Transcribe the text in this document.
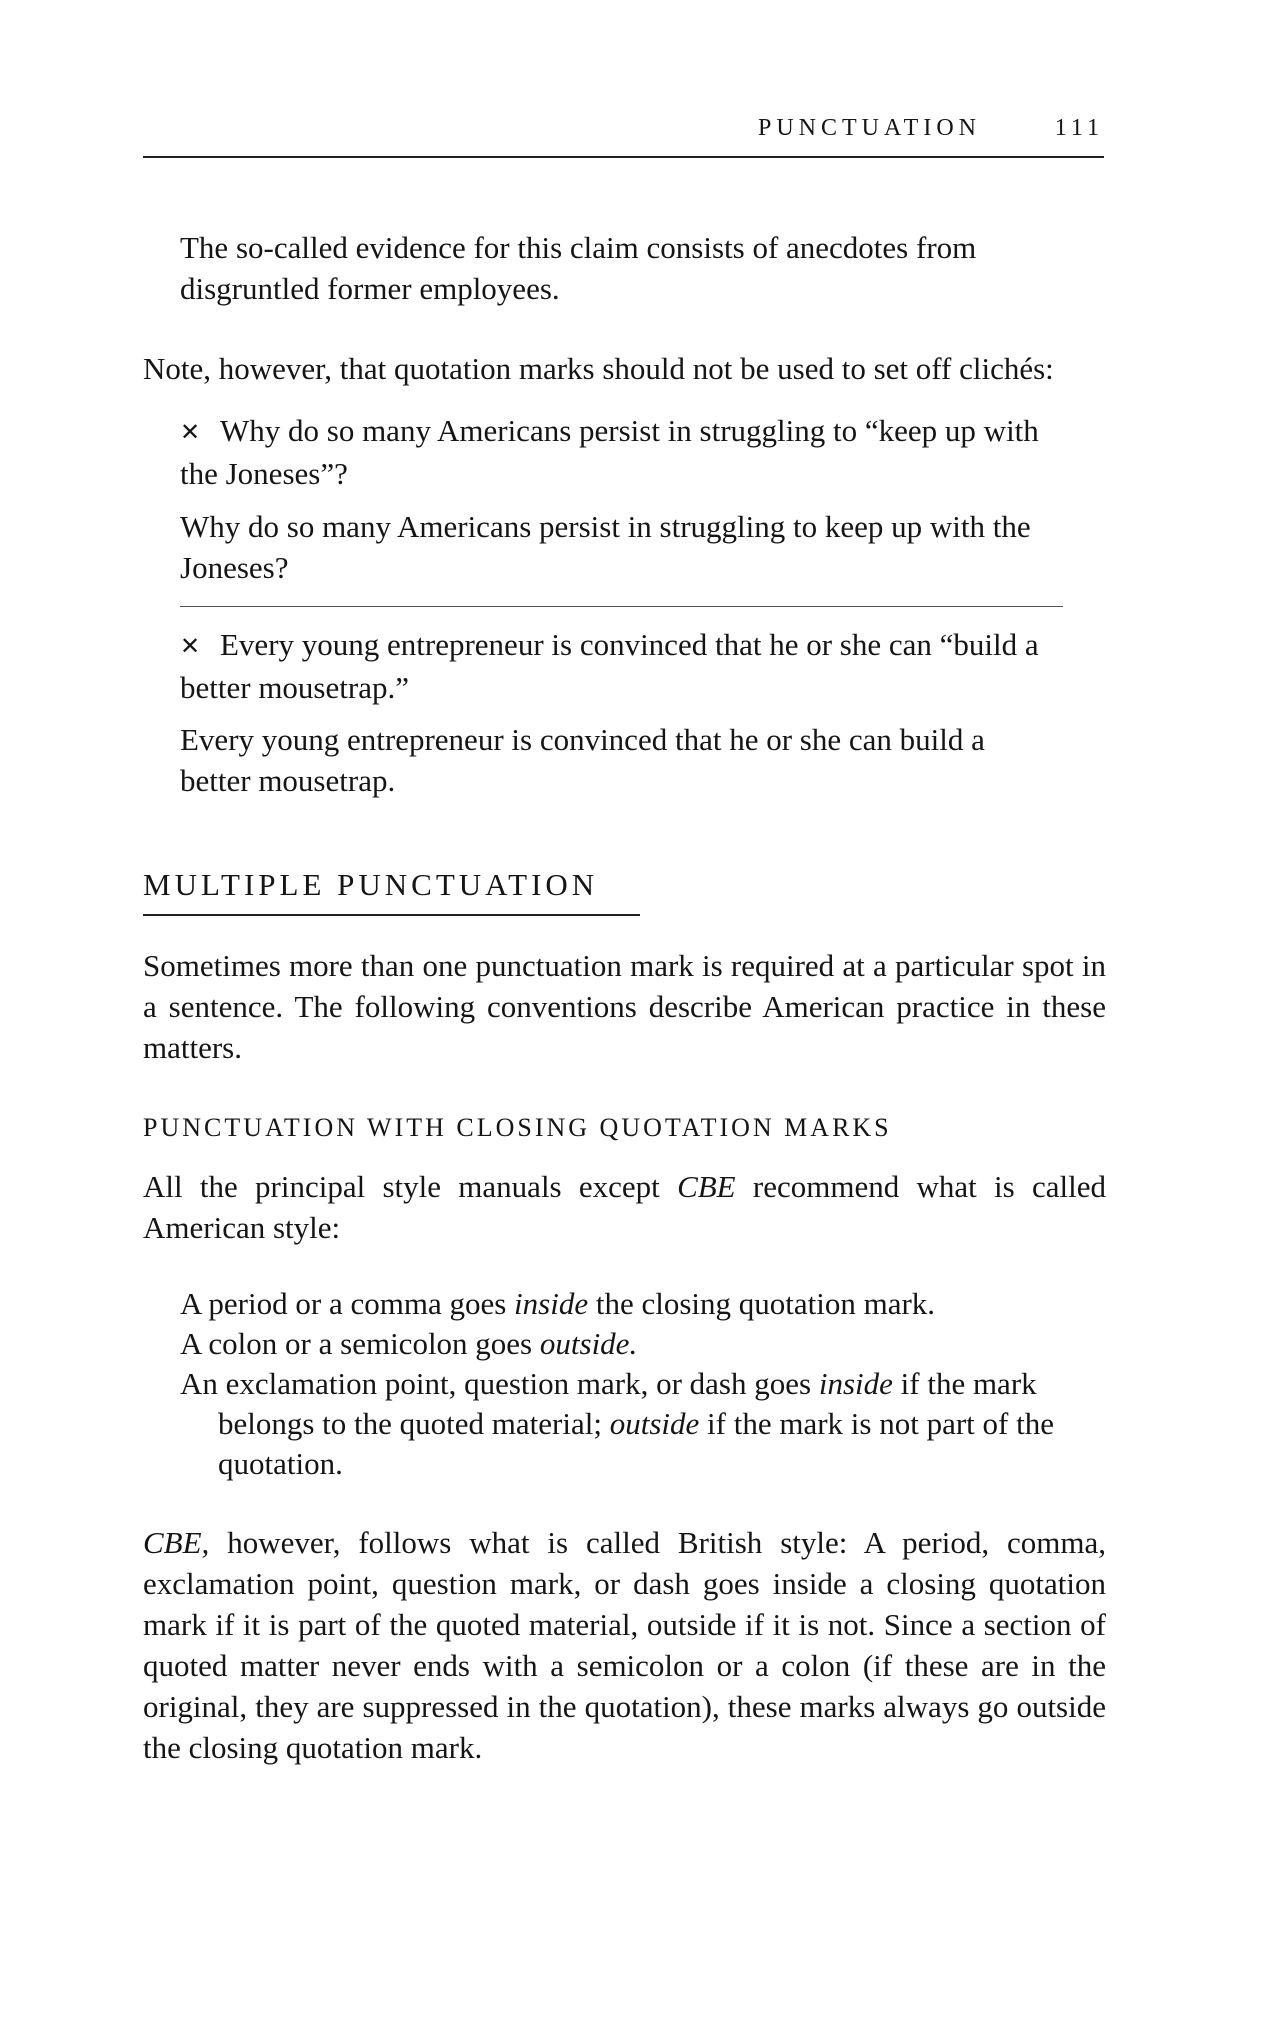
PUNCTUATION	111
The so-called evidence for this claim consists of anecdotes from disgruntled former employees.
Note, however, that quotation marks should not be used to set off clichés:
✕ Why do so many Americans persist in struggling to “keep up with the Joneses”?
Why do so many Americans persist in struggling to keep up with the Joneses?
✕ Every young entrepreneur is convinced that he or she can “build a better mousetrap.”
Every young entrepreneur is convinced that he or she can build a better mousetrap.
MULTIPLE PUNCTUATION
Sometimes more than one punctuation mark is required at a particular spot in a sentence. The following conventions describe American practice in these matters.
PUNCTUATION WITH CLOSING QUOTATION MARKS
All the principal style manuals except CBE recommend what is called American style:
A period or a comma goes inside the closing quotation mark.
A colon or a semicolon goes outside.
An exclamation point, question mark, or dash goes inside if the mark belongs to the quoted material; outside if the mark is not part of the quotation.
CBE, however, follows what is called British style: A period, comma, exclamation point, question mark, or dash goes inside a closing quotation mark if it is part of the quoted material, outside if it is not. Since a section of quoted matter never ends with a semicolon or a colon (if these are in the original, they are suppressed in the quotation), these marks always go outside the closing quotation mark.
